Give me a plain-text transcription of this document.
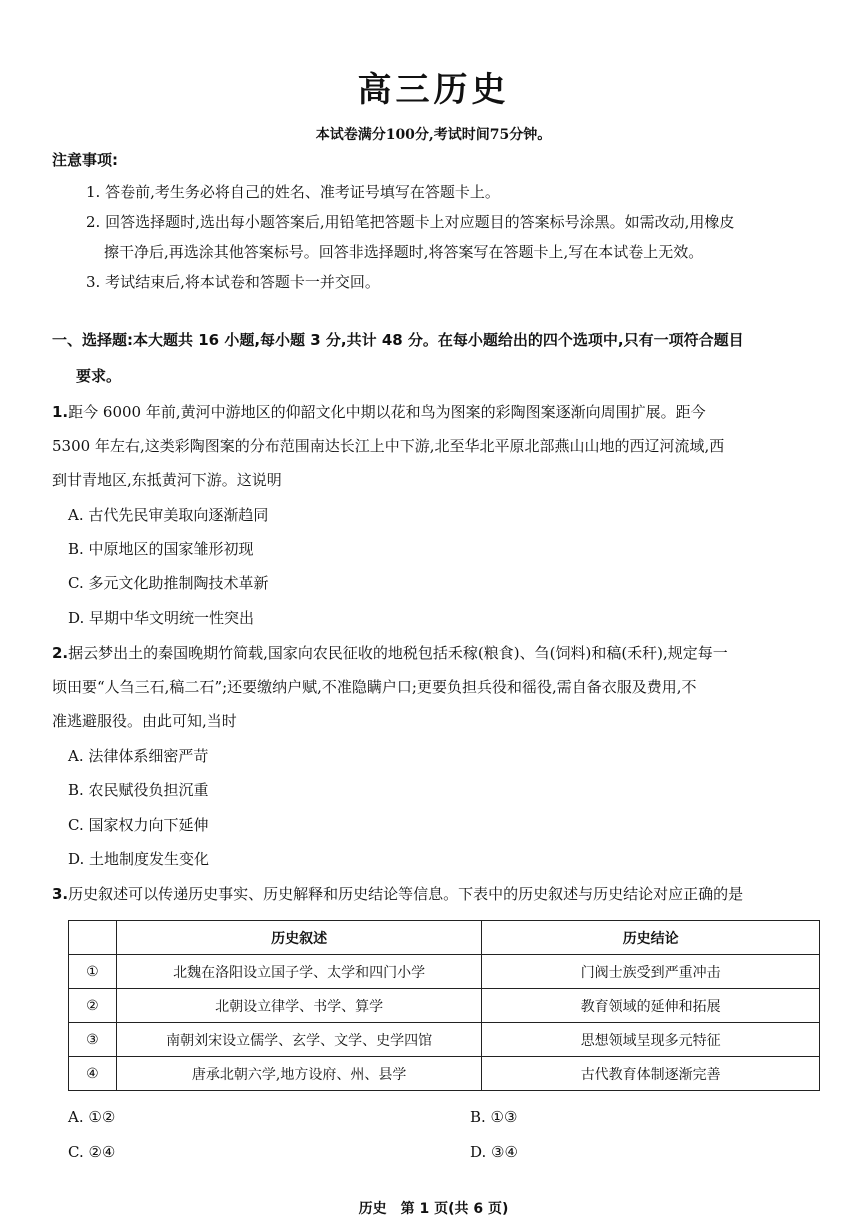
高三历史
本试卷满分100分,考试时间75分钟。
注意事项:
1. 答卷前,考生务必将自己的姓名、准考证号填写在答题卡上。
2. 回答选择题时,选出每小题答案后,用铅笔把答题卡上对应题目的答案标号涂黑。如需改动,用橡皮
擦干净后,再选涂其他答案标号。回答非选择题时,将答案写在答题卡上,写在本试卷上无效。
3. 考试结束后,将本试卷和答题卡一并交回。
一、选择题:本大题共 16 小题,每小题 3 分,共计 48 分。在每小题给出的四个选项中,只有一项符合题目
要求。
1.距今 6000 年前,黄河中游地区的仰韶文化中期以花和鸟为图案的彩陶图案逐渐向周围扩展。距今
5300 年左右,这类彩陶图案的分布范围南达长江上中下游,北至华北平原北部燕山山地的西辽河流域,西
到甘青地区,东抵黄河下游。这说明
A. 古代先民审美取向逐渐趋同
B. 中原地区的国家雏形初现
C. 多元文化助推制陶技术革新
D. 早期中华文明统一性突出
2.据云梦出土的秦国晚期竹简载,国家向农民征收的地税包括禾稼(粮食)、刍(饲料)和稿(禾秆),规定每一
顷田要“人刍三石,稿二石”;还要缴纳户赋,不准隐瞒户口;更要负担兵役和徭役,需自备衣服及费用,不
准逃避服役。由此可知,当时
A. 法律体系细密严苛
B. 农民赋役负担沉重
C. 国家权力向下延伸
D. 土地制度发生变化
3.历史叙述可以传递历史事实、历史解释和历史结论等信息。下表中的历史叙述与历史结论对应正确的是
	历史叙述	历史结论
①	北魏在洛阳设立国子学、太学和四门小学	门阀士族受到严重冲击
②	北朝设立律学、书学、算学	教育领域的延伸和拓展
③	南朝刘宋设立儒学、玄学、文学、史学四馆	思想领域呈现多元特征
④	唐承北朝六学,地方设府、州、县学	古代教育体制逐渐完善
A. ①②	B. ①③
C. ②④	D. ③④
历史　第 1 页(共 6 页)
